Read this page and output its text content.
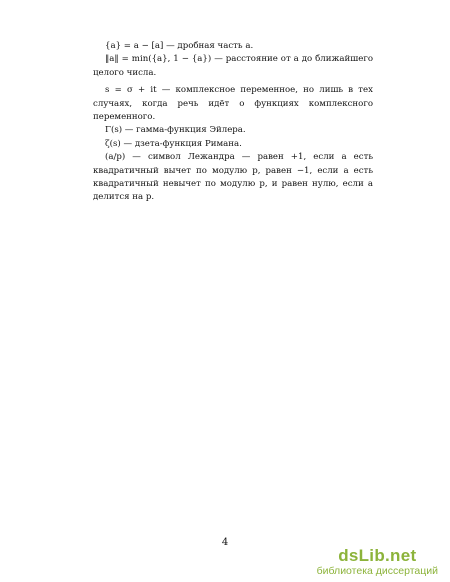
{a} = a − [a] — дробная часть a.

‖a‖ = min({a}, 1 − {a}) — расстояние от a до ближайшего целого числа.

s = σ + it — комплексное переменное, но лишь в тех случаях, когда речь идёт о функциях комплексного переменного.

Γ(s) — гамма-функция Эйлера.

ζ(s) — дзета-функция Римана.

(a/p) — символ Лежандра — равен +1, если a есть квадратичный вычет по модулю p, равен −1, если a есть квадратичный невычет по модулю p, и равен нулю, если a делится на p.

4
dsLib.net
библиотека диссертаций
